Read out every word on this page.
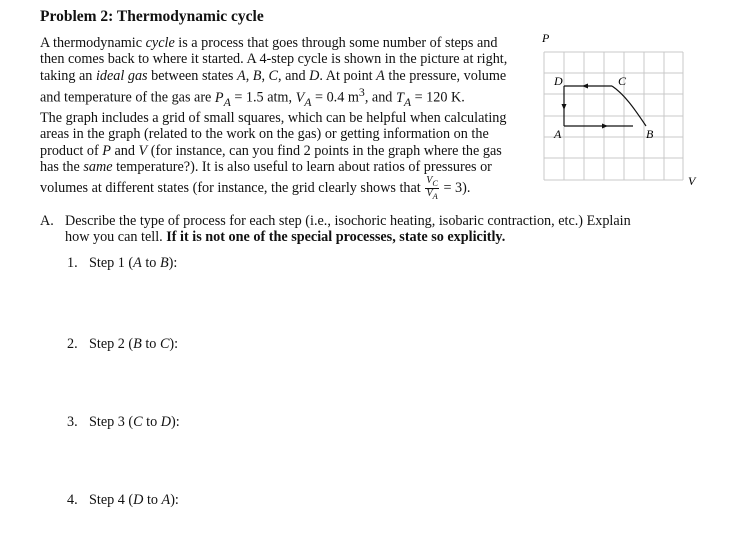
Problem 2: Thermodynamic cycle
A thermodynamic cycle is a process that goes through some number of steps and
then comes back to where it started. A 4-step cycle is shown in the picture at right,
taking an ideal gas between states A, B, C, and D. At point A the pressure, volume
and temperature of the gas are $P_A = 1.5$ atm, $V_A = 0.4$ $m^3$, and $T_A = 120$ K.
The graph includes a grid of small squares, which can be helpful when calculating
areas in the graph (related to the work on the gas) or getting information on the
product of P and V (for instance, can you find 2 points in the graph where the gas
has the same temperature?). It is also useful to learn about ratios of pressures or
volumes at different states (for instance, the grid clearly shows that $\frac{V_C}{V_A} = 3$).
A. Describe the type of process for each step (i.e., isochoric heating, isobaric contraction, etc.) Explain
how you can tell. If it is not one of the special processes, state so explicitly.
1. Step 1 (A to B):
2. Step 2 (B to C):
3. Step 3 (C to D):
4. Step 4 (D to A):
P
V
A	B
C
D
